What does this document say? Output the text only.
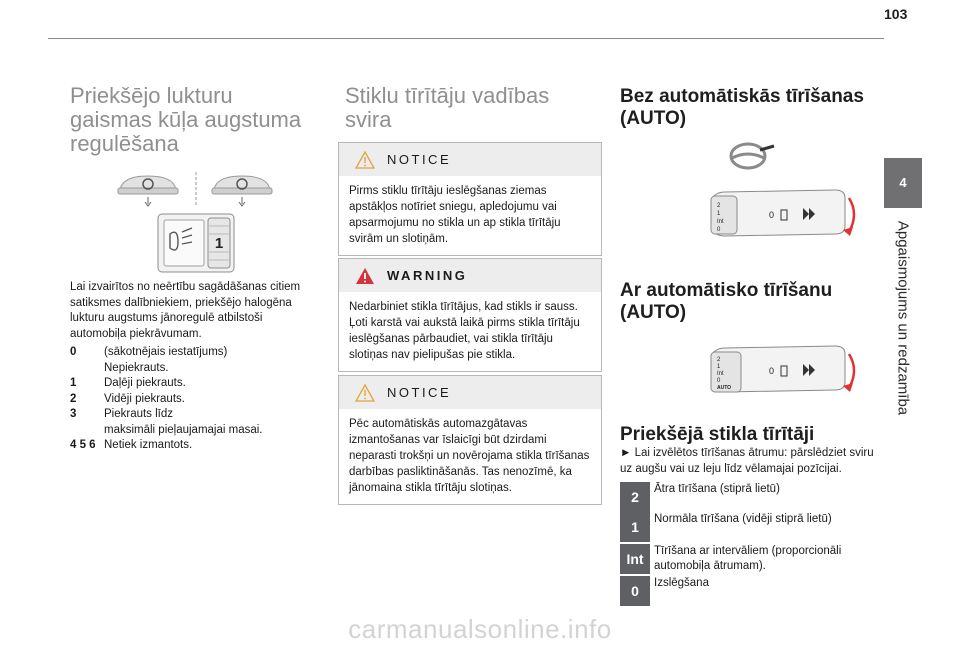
103
4
Apgaismojums un redzamība
Priekšējo lukturu
gaismas kūļa augstuma
regulēšana
1
Lai izvairītos no neērtību sagādāšanas citiem satiksmes dalībniekiem, priekšējo halogēna lukturu augstums jānoregulē atbilstoši automobiļa piekrāvumam.
0	(sākotnējais iestatījums)
Nepiekrauts.
1	Daļēji piekrauts.
2	Vidēji piekrauts.
3	Piekrauts līdz
maksimāli pieļaujamajai masai.
4 5 6 Netiek izmantots.
Stiklu tīrītāju vadības
svira
NOTICE
Pirms stiklu tīrītāju ieslēgšanas ziemas apstākļos notīriet sniegu, apledojumu vai apsarmojumu no stikla un ap stikla tīrītāju svirām un slotiņām.
WARNING
Nedarbiniet stikla tīrītājus, kad stikls ir sauss. Ļoti karstā vai aukstā laikā pirms stikla tīrītāju ieslēgšanas pārbaudiet, vai stikla tīrītāju slotiņas nav pielipušas pie stikla.
NOTICE
Pēc automātiskās automazgātavas izmantošanas var īslaicīgi būt dzirdami neparasti trokšņi un novērojama stikla tīrīšanas darbības pasliktināšanās. Tas nenozīmē, ka jānomaina stikla tīrītāju slotiņas.
Bez automātiskās tīrīšanas
(AUTO)
2
1
Int
0
0
Ar automātisko tīrīšanu
(AUTO)
2
1
Int
0
AUTO
0
Priekšējā stikla tīrītāji
► Lai izvēlētos tīrīšanas ātrumu: pārslēdziet sviru uz augšu vai uz leju līdz vēlamajai pozīcijai.
2	Ātra tīrīšana (stiprā lietū)
1	Normāla tīrīšana (vidēji stiprā lietū)
Int Tīrīšana ar intervāliem (proporcionāli
automobiļa ātrumam).
0	Izslēgšana
carmanualsonline.info
